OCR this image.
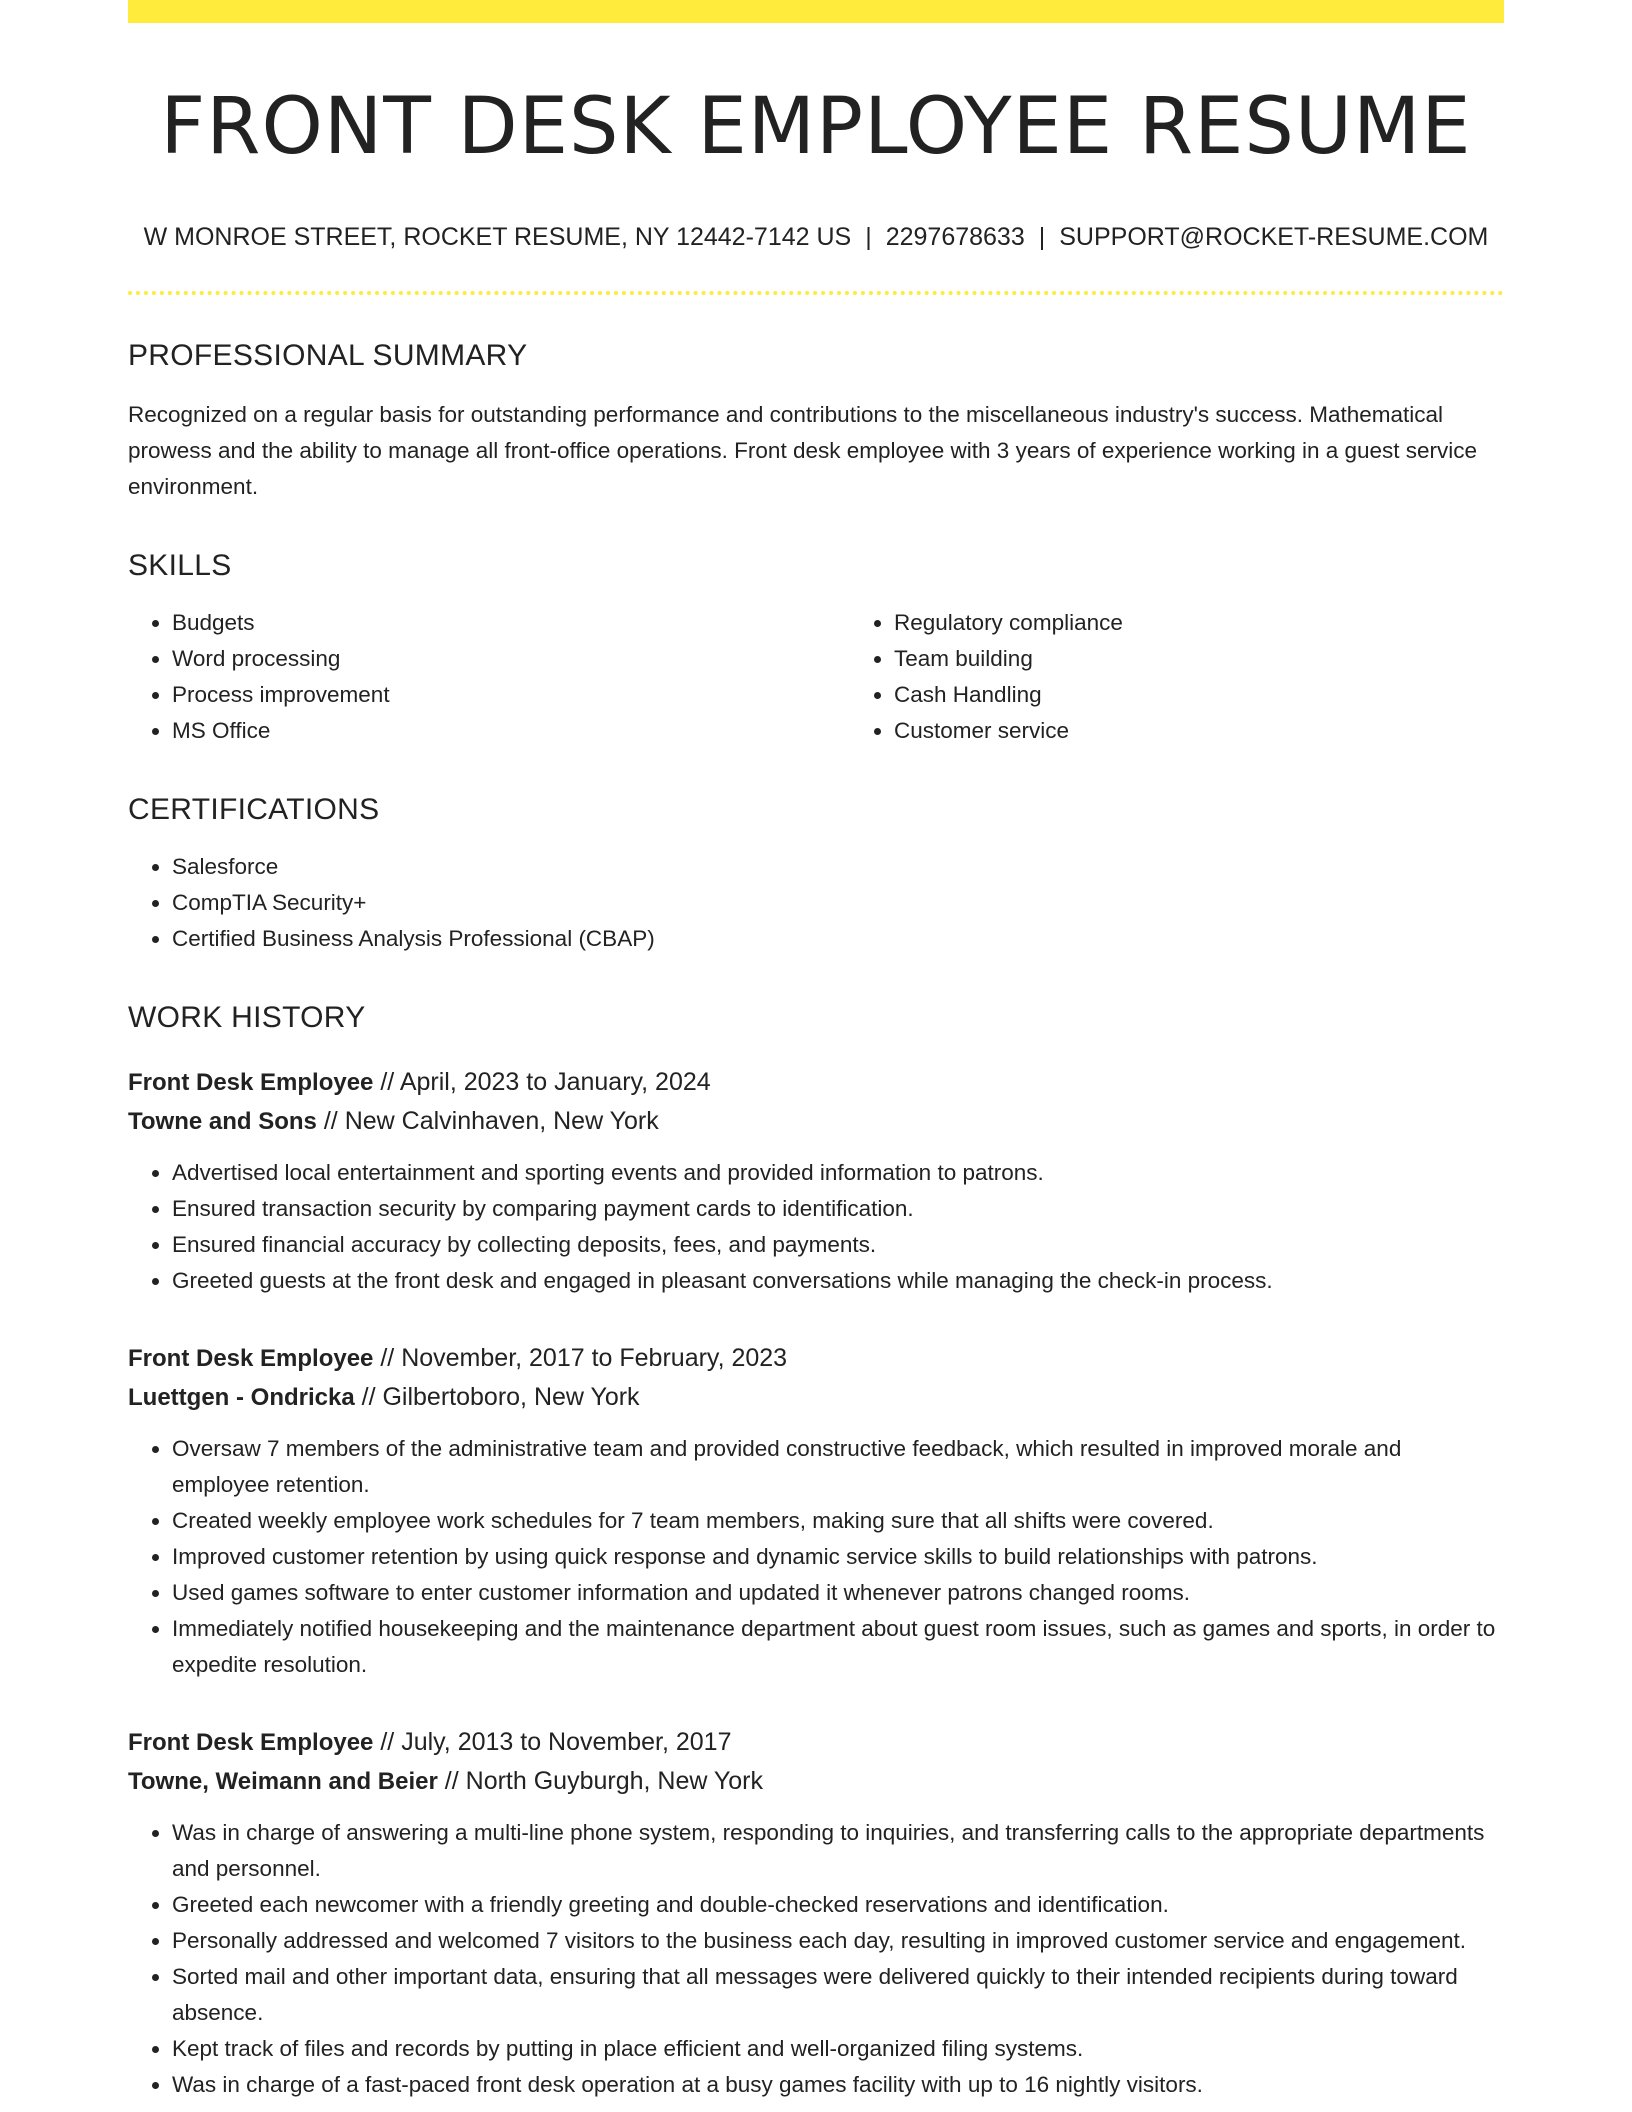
FRONT DESK EMPLOYEE RESUME
W MONROE STREET, ROCKET RESUME, NY 12442-7142 US | 2297678633 | SUPPORT@ROCKET-RESUME.COM
PROFESSIONAL SUMMARY

Recognized on a regular basis for outstanding performance and contributions to the miscellaneous industry's success. Mathematical prowess and the ability to manage all front-office operations. Front desk employee with 3 years of experience working in a guest service environment.

SKILLS
• Budgets
• Word processing
• Process improvement
• MS Office
• Regulatory compliance
• Team building
• Cash Handling
• Customer service
CERTIFICATIONS
• Salesforce
• CompTIA Security+
• Certified Business Analysis Professional (CBAP)
WORK HISTORY
Front Desk Employee // April, 2023 to January, 2024
Towne and Sons // New Calvinhaven, New York
• Advertised local entertainment and sporting events and provided information to patrons.
• Ensured transaction security by comparing payment cards to identification.
• Ensured financial accuracy by collecting deposits, fees, and payments.
• Greeted guests at the front desk and engaged in pleasant conversations while managing the check-in process.
Front Desk Employee // November, 2017 to February, 2023
Luettgen - Ondricka // Gilbertoboro, New York
• Oversaw 7 members of the administrative team and provided constructive feedback, which resulted in improved morale and employee retention.
• Created weekly employee work schedules for 7 team members, making sure that all shifts were covered.
• Improved customer retention by using quick response and dynamic service skills to build relationships with patrons.
• Used games software to enter customer information and updated it whenever patrons changed rooms.
• Immediately notified housekeeping and the maintenance department about guest room issues, such as games and sports, in order to expedite resolution.
Front Desk Employee // July, 2013 to November, 2017
Towne, Weimann and Beier // North Guyburgh, New York
• Was in charge of answering a multi-line phone system, responding to inquiries, and transferring calls to the appropriate departments and personnel.
• Greeted each newcomer with a friendly greeting and double-checked reservations and identification.
• Personally addressed and welcomed 7 visitors to the business each day, resulting in improved customer service and engagement.
• Sorted mail and other important data, ensuring that all messages were delivered quickly to their intended recipients during toward absence.
• Kept track of files and records by putting in place efficient and well-organized filing systems.
• Was in charge of a fast-paced front desk operation at a busy games facility with up to 16 nightly visitors.
